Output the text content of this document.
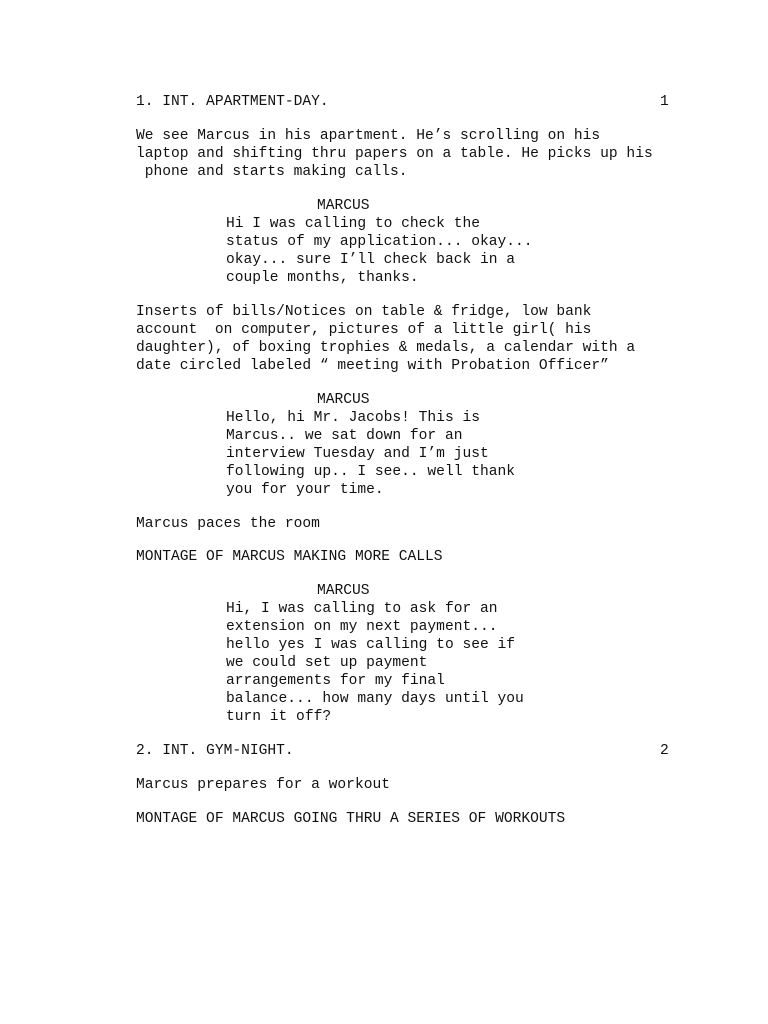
1. INT. APARTMENT-DAY.	1

We see Marcus in his apartment. He’s scrolling on his

laptop and shifting thru papers on a table. He picks up his

phone and starts making calls.

MARCUS

Hi I was calling to check the

status of my application... okay...

okay... sure I’ll check back in a

couple months, thanks.

Inserts of bills/Notices on table & fridge, low bank

account  on computer, pictures of a little girl( his

daughter), of boxing trophies & medals, a calendar with a

date circled labeled “ meeting with Probation Officer”

MARCUS

Hello, hi Mr. Jacobs! This is

Marcus.. we sat down for an

interview Tuesday and I’m just

following up.. I see.. well thank

you for your time.

Marcus paces the room

MONTAGE OF MARCUS MAKING MORE CALLS

MARCUS

Hi, I was calling to ask for an

extension on my next payment...

hello yes I was calling to see if

we could set up payment

arrangements for my final

balance... how many days until you

turn it off?

2. INT. GYM-NIGHT.	2

Marcus prepares for a workout

MONTAGE OF MARCUS GOING THRU A SERIES OF WORKOUTS
